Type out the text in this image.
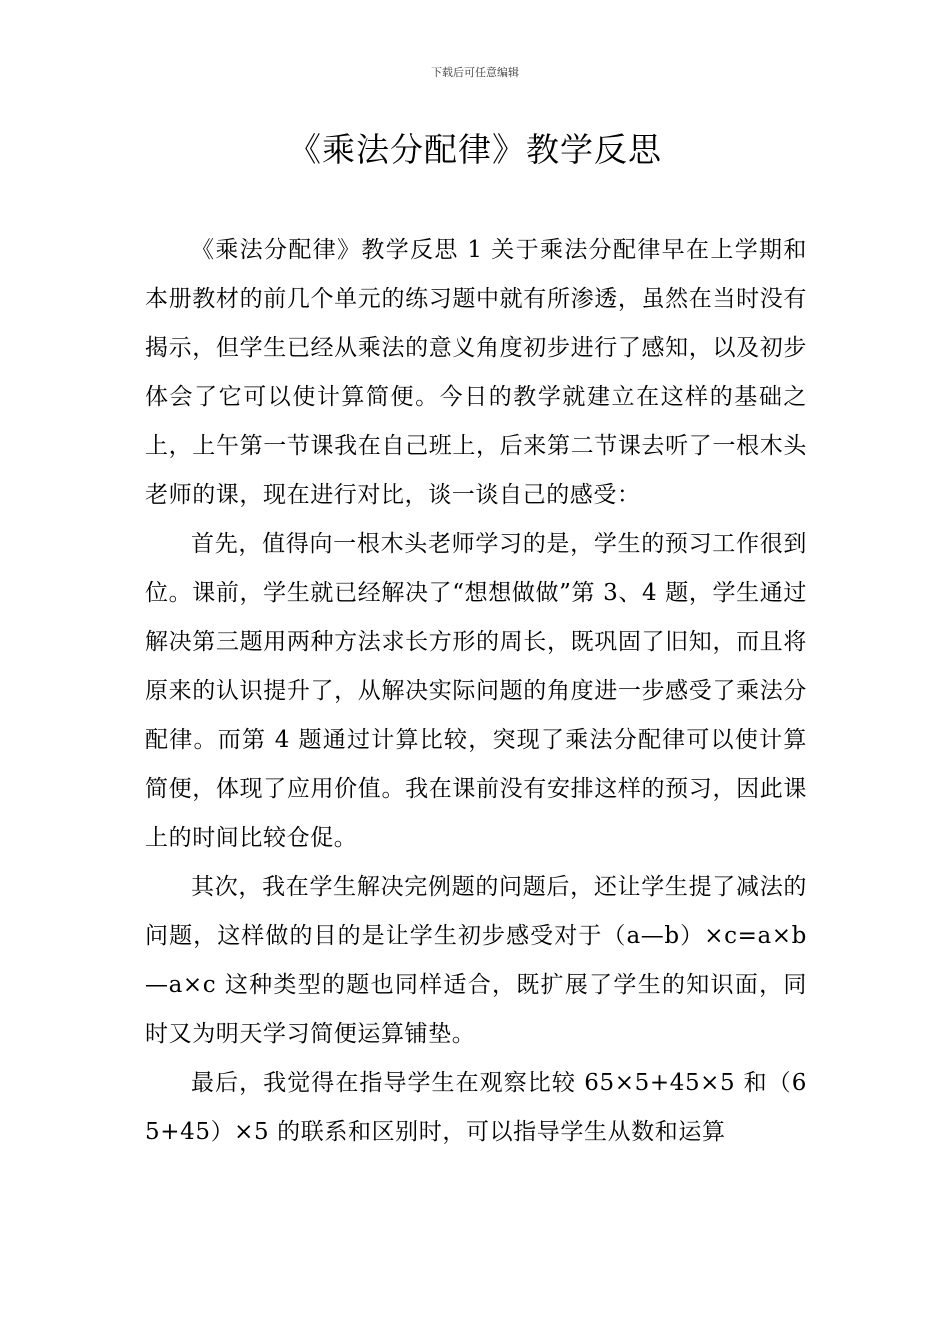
下载后可任意编辑
《乘法分配律》教学反思

《乘法分配律》教学反思 1 关于乘法分配律早在上学期和本册教材的前几个单元的练习题中就有所渗透，虽然在当时没有揭示，但学生已经从乘法的意义角度初步进行了感知，以及初步体会了它可以使计算简便。今日的教学就建立在这样的基础之上，上午第一节课我在自己班上，后来第二节课去听了一根木头老师的课，现在进行对比，谈一谈自己的感受：

首先，值得向一根木头老师学习的是，学生的预习工作很到位。课前，学生就已经解决了“想想做做”第 3、4 题，学生通过解决第三题用两种方法求长方形的周长，既巩固了旧知，而且将原来的认识提升了，从解决实际问题的角度进一步感受了乘法分配律。而第 4 题通过计算比较，突现了乘法分配律可以使计算简便，体现了应用价值。我在课前没有安排这样的预习，因此课上的时间比较仓促。

其次，我在学生解决完例题的问题后，还让学生提了减法的问题，这样做的目的是让学生初步感受对于（a—b）×c=a×b—a×c 这种类型的题也同样适合，既扩展了学生的知识面，同时又为明天学习简便运算铺垫。

最后，我觉得在指导学生在观察比较 65×5+45×5 和（65+45）×5 的联系和区别时，可以指导学生从数和运算
